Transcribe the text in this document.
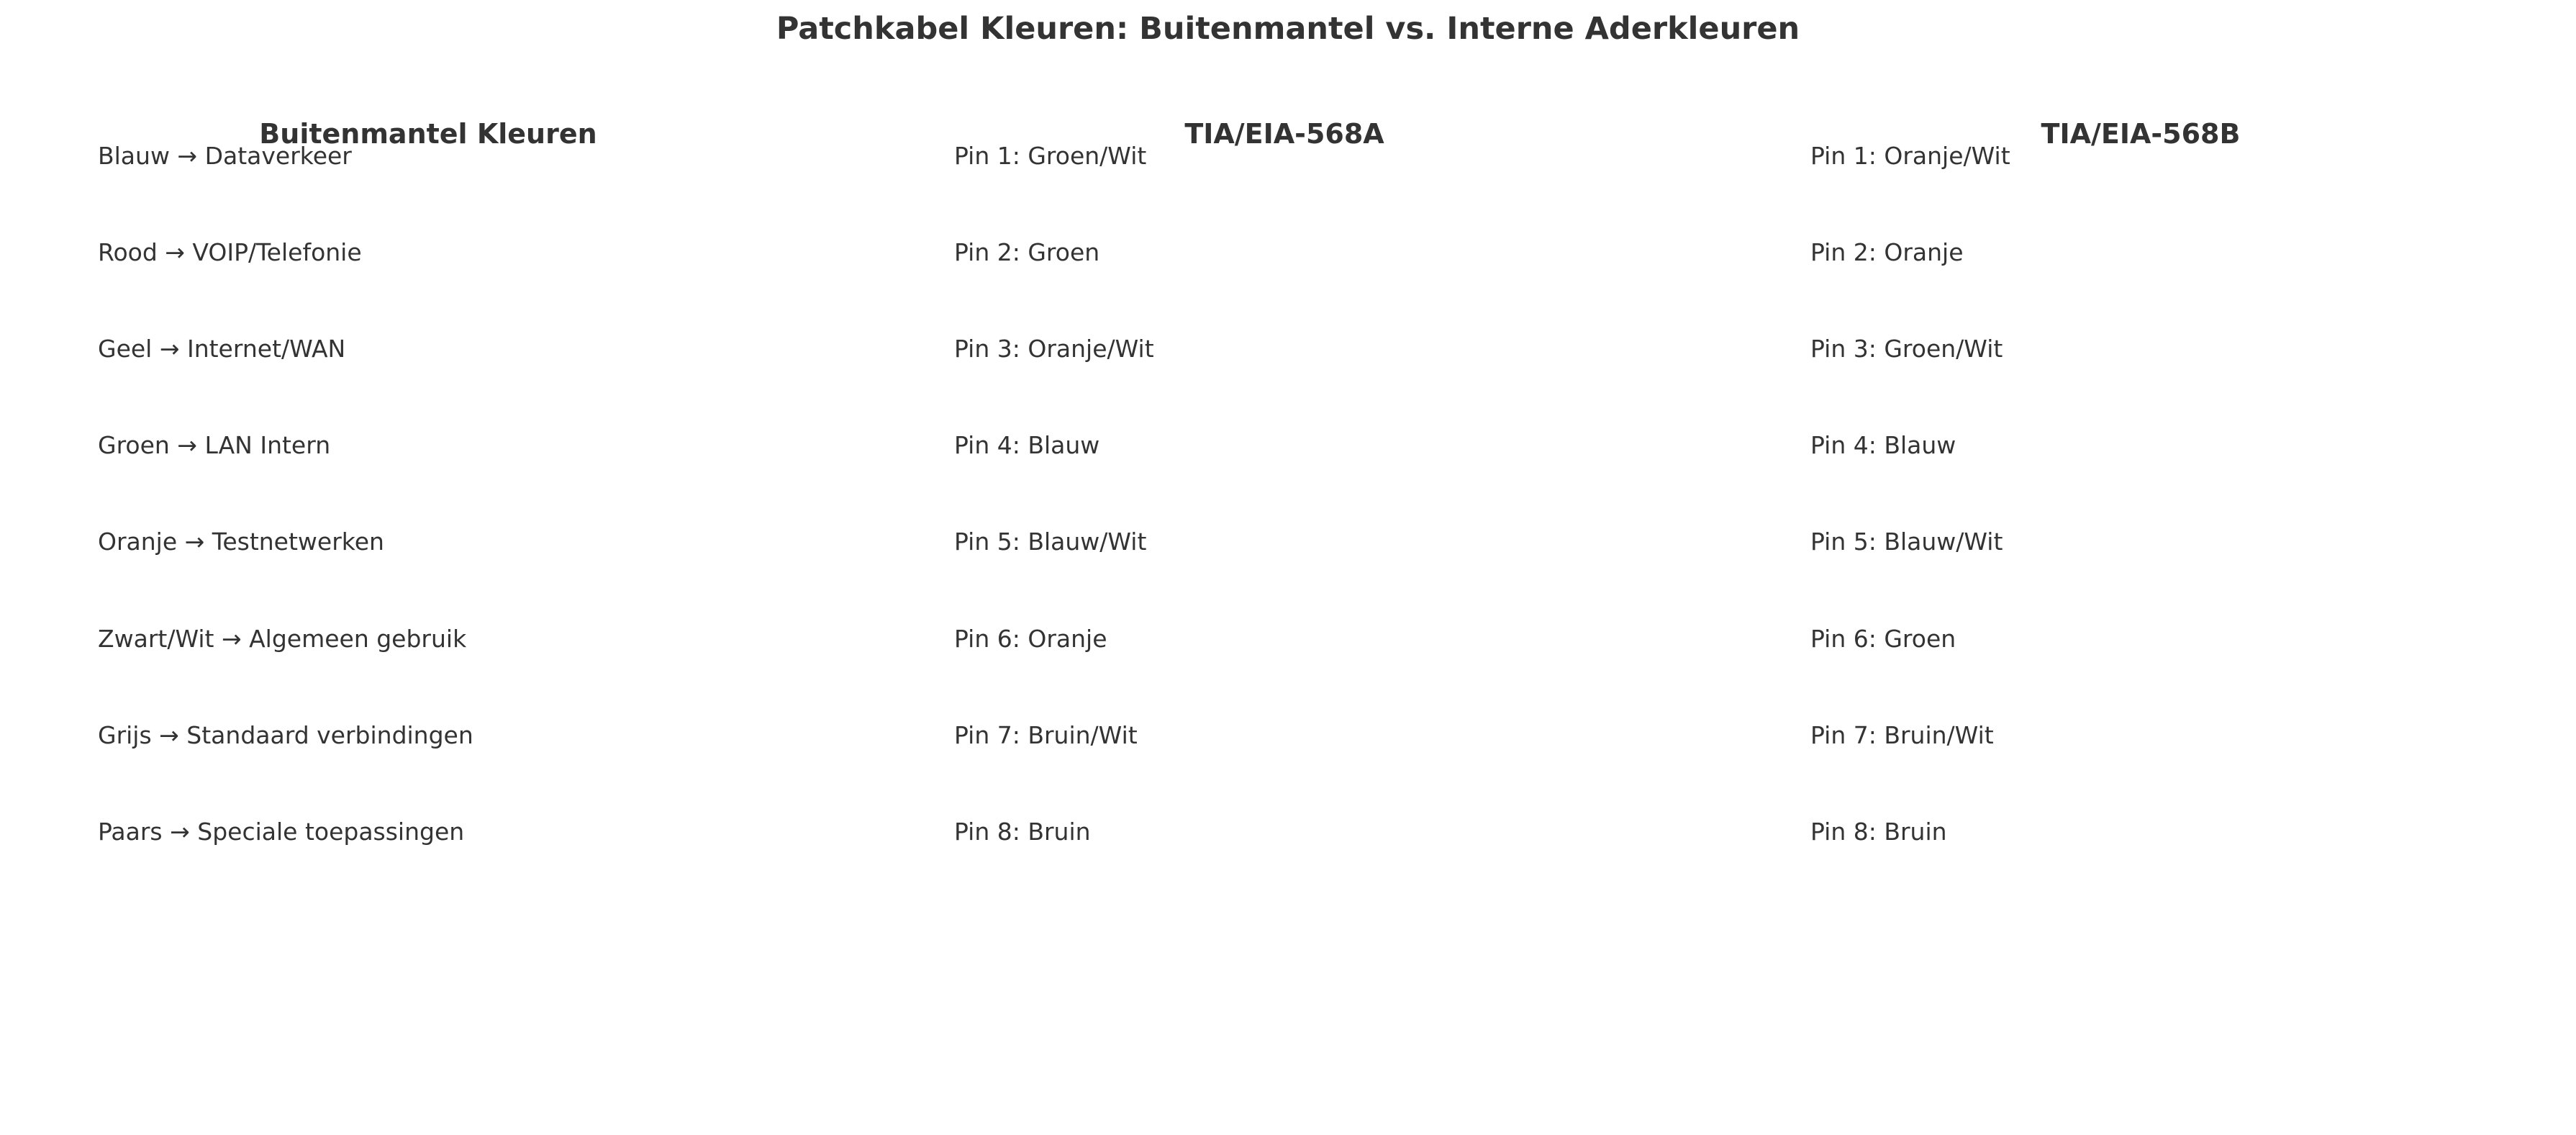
Patchkabel Kleuren: Buitenmantel vs. Interne Aderkleuren
Buitenmantel Kleuren
Blauw → Dataverkeer
Rood → VOIP/Telefonie
Geel → Internet/WAN
Groen → LAN Intern
Oranje → Testnetwerken
Zwart/Wit → Algemeen gebruik
Grijs → Standaard verbindingen
Paars → Speciale toepassingen
TIA/EIA-568A
Pin 1: Groen/Wit
Pin 2: Groen
Pin 3: Oranje/Wit
Pin 4: Blauw
Pin 5: Blauw/Wit
Pin 6: Oranje
Pin 7: Bruin/Wit
Pin 8: Bruin
TIA/EIA-568B
Pin 1: Oranje/Wit
Pin 2: Oranje
Pin 3: Groen/Wit
Pin 4: Blauw
Pin 5: Blauw/Wit
Pin 6: Groen
Pin 7: Bruin/Wit
Pin 8: Bruin
